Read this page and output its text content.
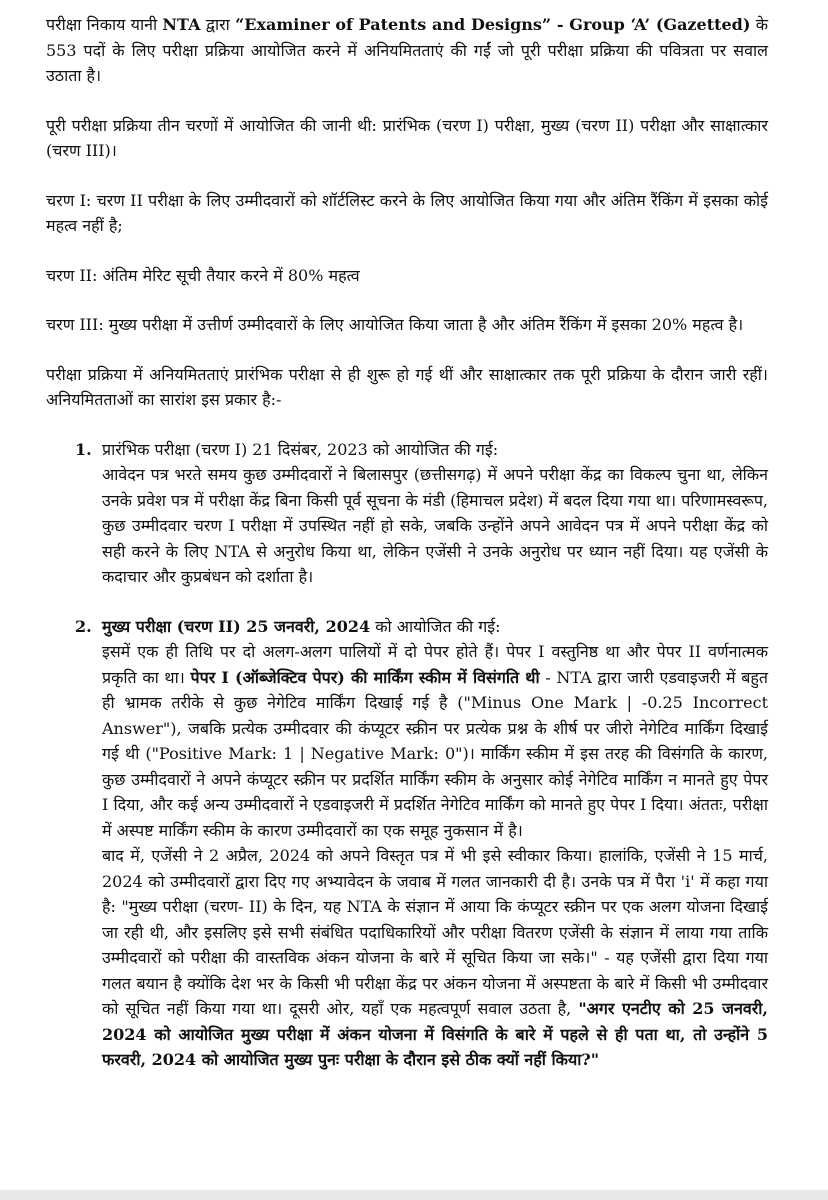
परीक्षा निकाय यानी NTA द्वारा “Examiner of Patents and Designs” - Group ‘A’ (Gazetted) के 553 पदों के लिए परीक्षा प्रक्रिया आयोजित करने में अनियमितताएं की गईं जो पूरी परीक्षा प्रक्रिया की पवित्रता पर सवाल उठाता है।

पूरी परीक्षा प्रक्रिया तीन चरणों में आयोजित की जानी थी: प्रारंभिक (चरण I) परीक्षा, मुख्य (चरण II) परीक्षा और साक्षात्कार (चरण III)।

चरण I: चरण II परीक्षा के लिए उम्मीदवारों को शॉर्टलिस्ट करने के लिए आयोजित किया गया और अंतिम रैंकिंग में इसका कोई महत्व नहीं है;

चरण II: अंतिम मेरिट सूची तैयार करने में 80% महत्व

चरण III: मुख्य परीक्षा में उत्तीर्ण उम्मीदवारों के लिए आयोजित किया जाता है और अंतिम रैंकिंग में इसका 20% महत्व है।

परीक्षा प्रक्रिया में अनियमितताएं प्रारंभिक परीक्षा से ही शुरू हो गई थीं और साक्षात्कार तक पूरी प्रक्रिया के दौरान जारी रहीं। अनियमितताओं का सारांश इस प्रकार है:-

1. प्रारंभिक परीक्षा (चरण I) 21 दिसंबर, 2023 को आयोजित की गई:

आवेदन पत्र भरते समय कुछ उम्मीदवारों ने बिलासपुर (छत्तीसगढ़) में अपने परीक्षा केंद्र का विकल्प चुना था, लेकिन उनके प्रवेश पत्र में परीक्षा केंद्र बिना किसी पूर्व सूचना के मंडी (हिमाचल प्रदेश) में बदल दिया गया था। परिणामस्वरूप, कुछ उम्मीदवार चरण I परीक्षा में उपस्थित नहीं हो सके, जबकि उन्होंने अपने आवेदन पत्र में अपने परीक्षा केंद्र को सही करने के लिए NTA से अनुरोध किया था, लेकिन एजेंसी ने उनके अनुरोध पर ध्यान नहीं दिया। यह एजेंसी के कदाचार और कुप्रबंधन को दर्शाता है।

2. मुख्य परीक्षा (चरण II) 25 जनवरी, 2024 को आयोजित की गई:

इसमें एक ही तिथि पर दो अलग-अलग पालियों में दो पेपर होते हैं। पेपर I वस्तुनिष्ठ था और पेपर II वर्णनात्मक प्रकृति का था। पेपर I (ऑब्जेक्टिव पेपर) की मार्किंग स्कीम में विसंगति थी - NTA द्वारा जारी एडवाइजरी में बहुत ही भ्रामक तरीके से कुछ नेगेटिव मार्किंग दिखाई गई है ("Minus One Mark | -0.25 Incorrect Answer"), जबकि प्रत्येक उम्मीदवार की कंप्यूटर स्क्रीन पर प्रत्येक प्रश्न के शीर्ष पर जीरो नेगेटिव मार्किंग दिखाई गई थी ("Positive Mark: 1 | Negative Mark: 0")। मार्किंग स्कीम में इस तरह की विसंगति के कारण, कुछ उम्मीदवारों ने अपने कंप्यूटर स्क्रीन पर प्रदर्शित मार्किंग स्कीम के अनुसार कोई नेगेटिव मार्किंग न मानते हुए पेपर I दिया, और कई अन्य उम्मीदवारों ने एडवाइजरी में प्रदर्शित नेगेटिव मार्किंग को मानते हुए पेपर I दिया। अंततः, परीक्षा में अस्पष्ट मार्किंग स्कीम के कारण उम्मीदवारों का एक समूह नुकसान में है।

बाद में, एजेंसी ने 2 अप्रैल, 2024 को अपने विस्तृत पत्र में भी इसे स्वीकार किया। हालांकि, एजेंसी ने 15 मार्च, 2024 को उम्मीदवारों द्वारा दिए गए अभ्यावेदन के जवाब में गलत जानकारी दी है। उनके पत्र में पैरा 'i' में कहा गया है: "मुख्य परीक्षा (चरण- II) के दिन, यह NTA के संज्ञान में आया कि कंप्यूटर स्क्रीन पर एक अलग योजना दिखाई जा रही थी, और इसलिए इसे सभी संबंधित पदाधिकारियों और परीक्षा वितरण एजेंसी के संज्ञान में लाया गया ताकि उम्मीदवारों को परीक्षा की वास्तविक अंकन योजना के बारे में सूचित किया जा सके।" - यह एजेंसी द्वारा दिया गया गलत बयान है क्योंकि देश भर के किसी भी परीक्षा केंद्र पर अंकन योजना में अस्पष्टता के बारे में किसी भी उम्मीदवार को सूचित नहीं किया गया था। दूसरी ओर, यहाँ एक महत्वपूर्ण सवाल उठता है, "अगर एनटीए को 25 जनवरी, 2024 को आयोजित मुख्य परीक्षा में अंकन योजना में विसंगति के बारे में पहले से ही पता था, तो उन्होंने 5 फरवरी, 2024 को आयोजित मुख्य पुनः परीक्षा के दौरान इसे ठीक क्यों नहीं किया?"
